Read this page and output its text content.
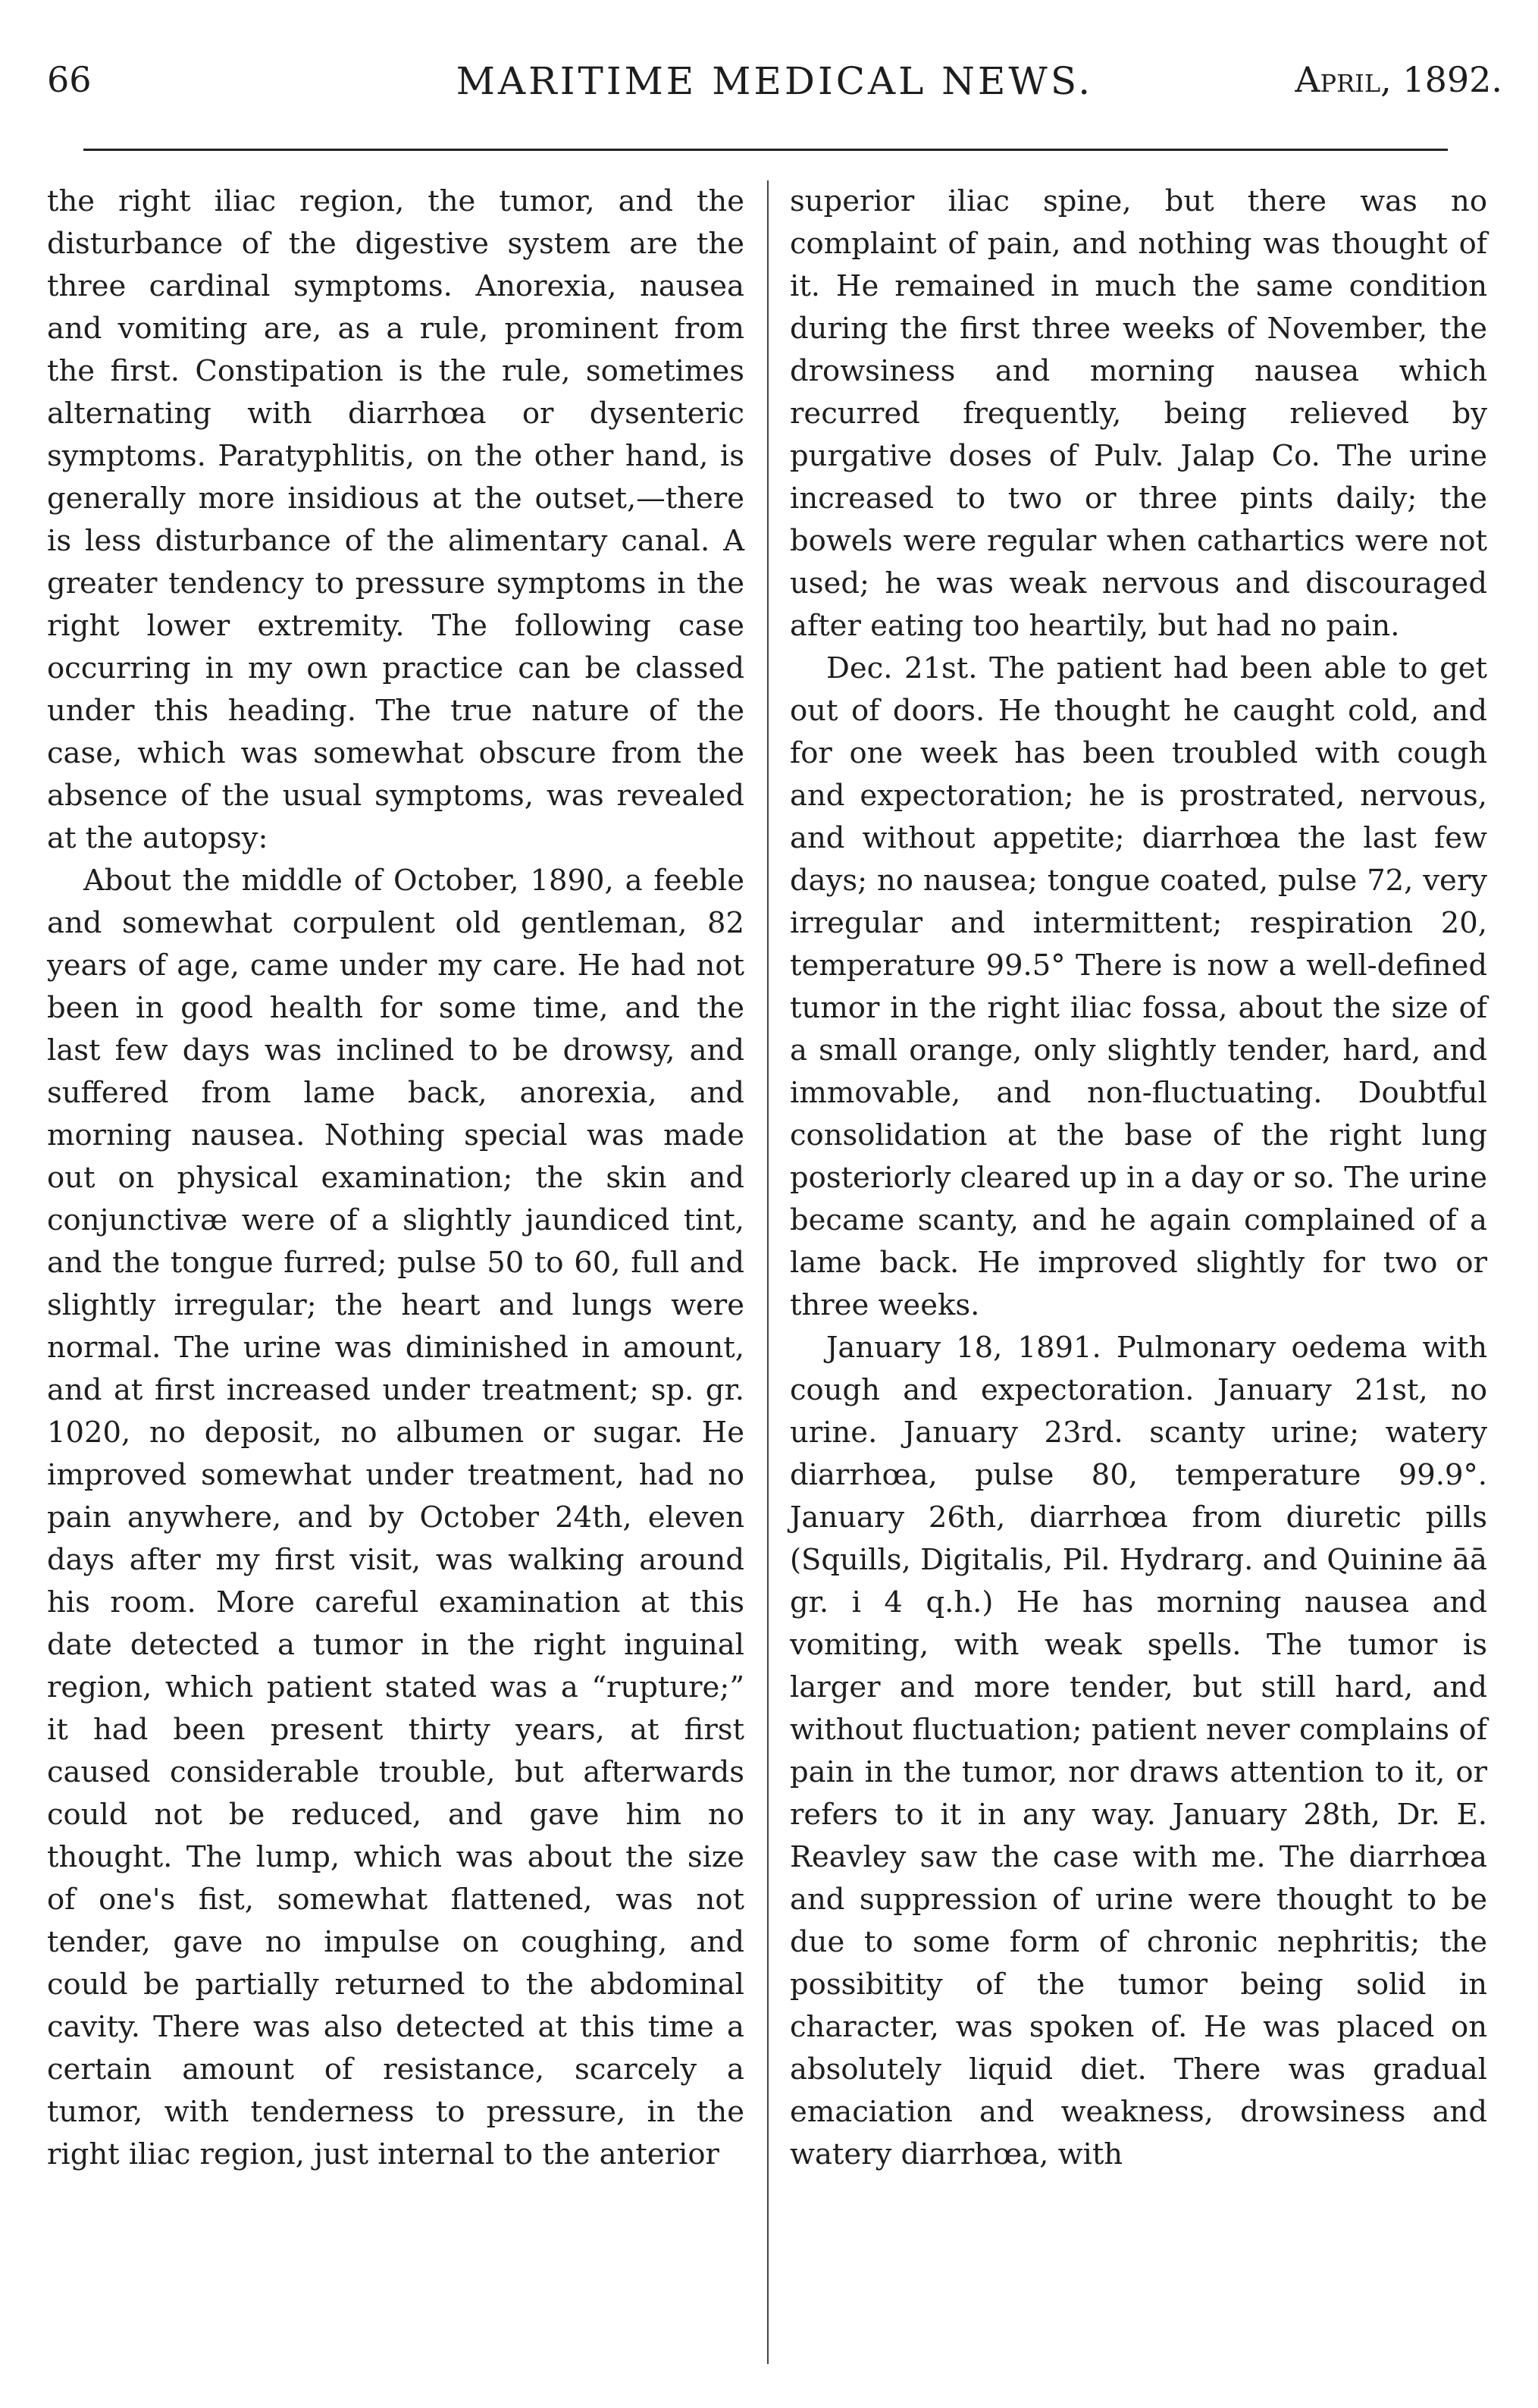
66	MARITIME MEDICAL NEWS.	April, 1892.

the right iliac region, the tumor, and the disturbance of the digestive system are the three cardinal symptoms. Anorexia, nausea and vomiting are, as a rule, prominent from the first. Constipation is the rule, sometimes alternating with diarrhœa or dysenteric symptoms. Paratyphlitis, on the other hand, is generally more insidious at the outset,—there is less disturbance of the alimentary canal. A greater tendency to pressure symptoms in the right lower extremity. The following case occurring in my own practice can be classed under this heading. The true nature of the case, which was somewhat obscure from the absence of the usual symptoms, was revealed at the autopsy:

About the middle of October, 1890, a feeble and somewhat corpulent old gentleman, 82 years of age, came under my care. He had not been in good health for some time, and the last few days was inclined to be drowsy, and suffered from lame back, anorexia, and morning nausea. Nothing special was made out on physical examination; the skin and conjunctivæ were of a slightly jaundiced tint, and the tongue furred; pulse 50 to 60, full and slightly irregular; the heart and lungs were normal. The urine was diminished in amount, and at first increased under treatment; sp. gr. 1020, no deposit, no albumen or sugar. He improved somewhat under treatment, had no pain anywhere, and by October 24th, eleven days after my first visit, was walking around his room. More careful examination at this date detected a tumor in the right inguinal region, which patient stated was a “rupture;” it had been present thirty years, at first caused considerable trouble, but afterwards could not be reduced, and gave him no thought. The lump, which was about the size of one's fist, somewhat flattened, was not tender, gave no impulse on coughing, and could be partially returned to the abdominal cavity. There was also detected at this time a certain amount of resistance, scarcely a tumor, with tenderness to pressure, in the right iliac region, just internal to the anterior

superior iliac spine, but there was no complaint of pain, and nothing was thought of it. He remained in much the same condition during the first three weeks of November, the drowsiness and morning nausea which recurred frequently, being relieved by purgative doses of Pulv. Jalap Co. The urine increased to two or three pints daily; the bowels were regular when cathartics were not used; he was weak nervous and discouraged after eating too heartily, but had no pain.

Dec. 21st. The patient had been able to get out of doors. He thought he caught cold, and for one week has been troubled with cough and expectoration; he is prostrated, nervous, and without appetite; diarrhœa the last few days; no nausea; tongue coated, pulse 72, very irregular and intermittent; respiration 20, temperature 99.5° There is now a well-defined tumor in the right iliac fossa, about the size of a small orange, only slightly tender, hard, and immovable, and non-fluctuating. Doubtful consolidation at the base of the right lung posteriorly cleared up in a day or so. The urine became scanty, and he again complained of a lame back. He improved slightly for two or three weeks.

January 18, 1891. Pulmonary oedema with cough and expectoration. January 21st, no urine. January 23rd. scanty urine; watery diarrhœa, pulse 80, temperature 99.9°. January 26th, diarrhœa from diuretic pills (Squills, Digitalis, Pil. Hydrarg. and Quinine āā gr. i 4 q.h.) He has morning nausea and vomiting, with weak spells. The tumor is larger and more tender, but still hard, and without fluctuation; patient never complains of pain in the tumor, nor draws attention to it, or refers to it in any way. January 28th, Dr. E. Reavley saw the case with me. The diarrhœa and suppression of urine were thought to be due to some form of chronic nephritis; the possibitity of the tumor being solid in character, was spoken of. He was placed on absolutely liquid diet. There was gradual emaciation and weakness, drowsiness and watery diarrhœa, with
